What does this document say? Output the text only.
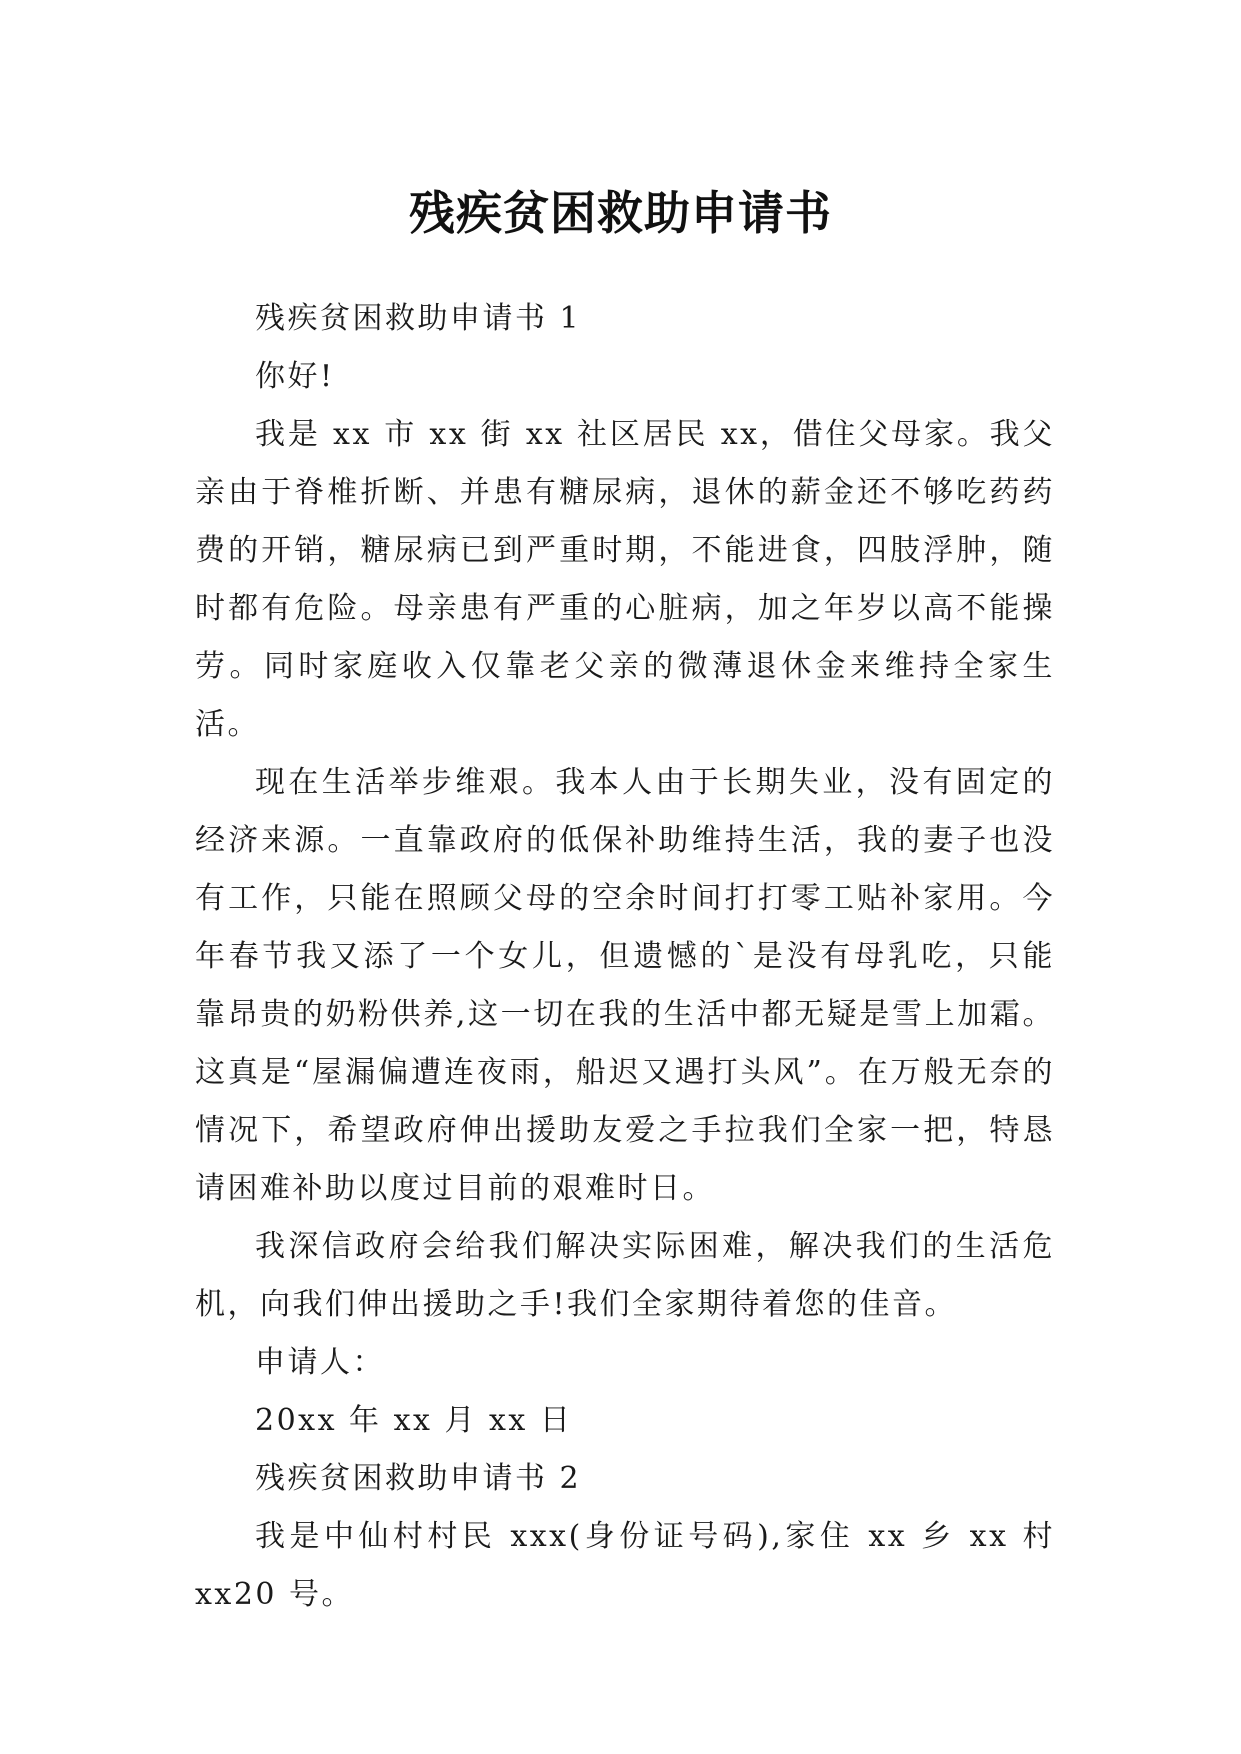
残疾贫困救助申请书

残疾贫困救助申请书 1

你好!

我是 xx 市 xx 街 xx 社区居民 xx，借住父母家。我父亲由于脊椎折断、并患有糖尿病，退休的薪金还不够吃药药费的开销，糖尿病已到严重时期，不能进食，四肢浮肿，随时都有危险。母亲患有严重的心脏病，加之年岁以高不能操劳。同时家庭收入仅靠老父亲的微薄退休金来维持全家生活。

现在生活举步维艰。我本人由于长期失业，没有固定的经济来源。一直靠政府的低保补助维持生活，我的妻子也没有工作，只能在照顾父母的空余时间打打零工贴补家用。今年春节我又添了一个女儿，但遗憾的`是没有母乳吃，只能靠昂贵的奶粉供养,这一切在我的生活中都无疑是雪上加霜。这真是“屋漏偏遭连夜雨，船迟又遇打头风”。在万般无奈的情况下，希望政府伸出援助友爱之手拉我们全家一把，特恳请困难补助以度过目前的艰难时日。

我深信政府会给我们解决实际困难，解决我们的生活危机，向我们伸出援助之手!我们全家期待着您的佳音。

申请人：

20xx 年 xx 月 xx 日

残疾贫困救助申请书 2

我是中仙村村民 xxx(身份证号码),家住 xx 乡 xx 村 xx20 号。
